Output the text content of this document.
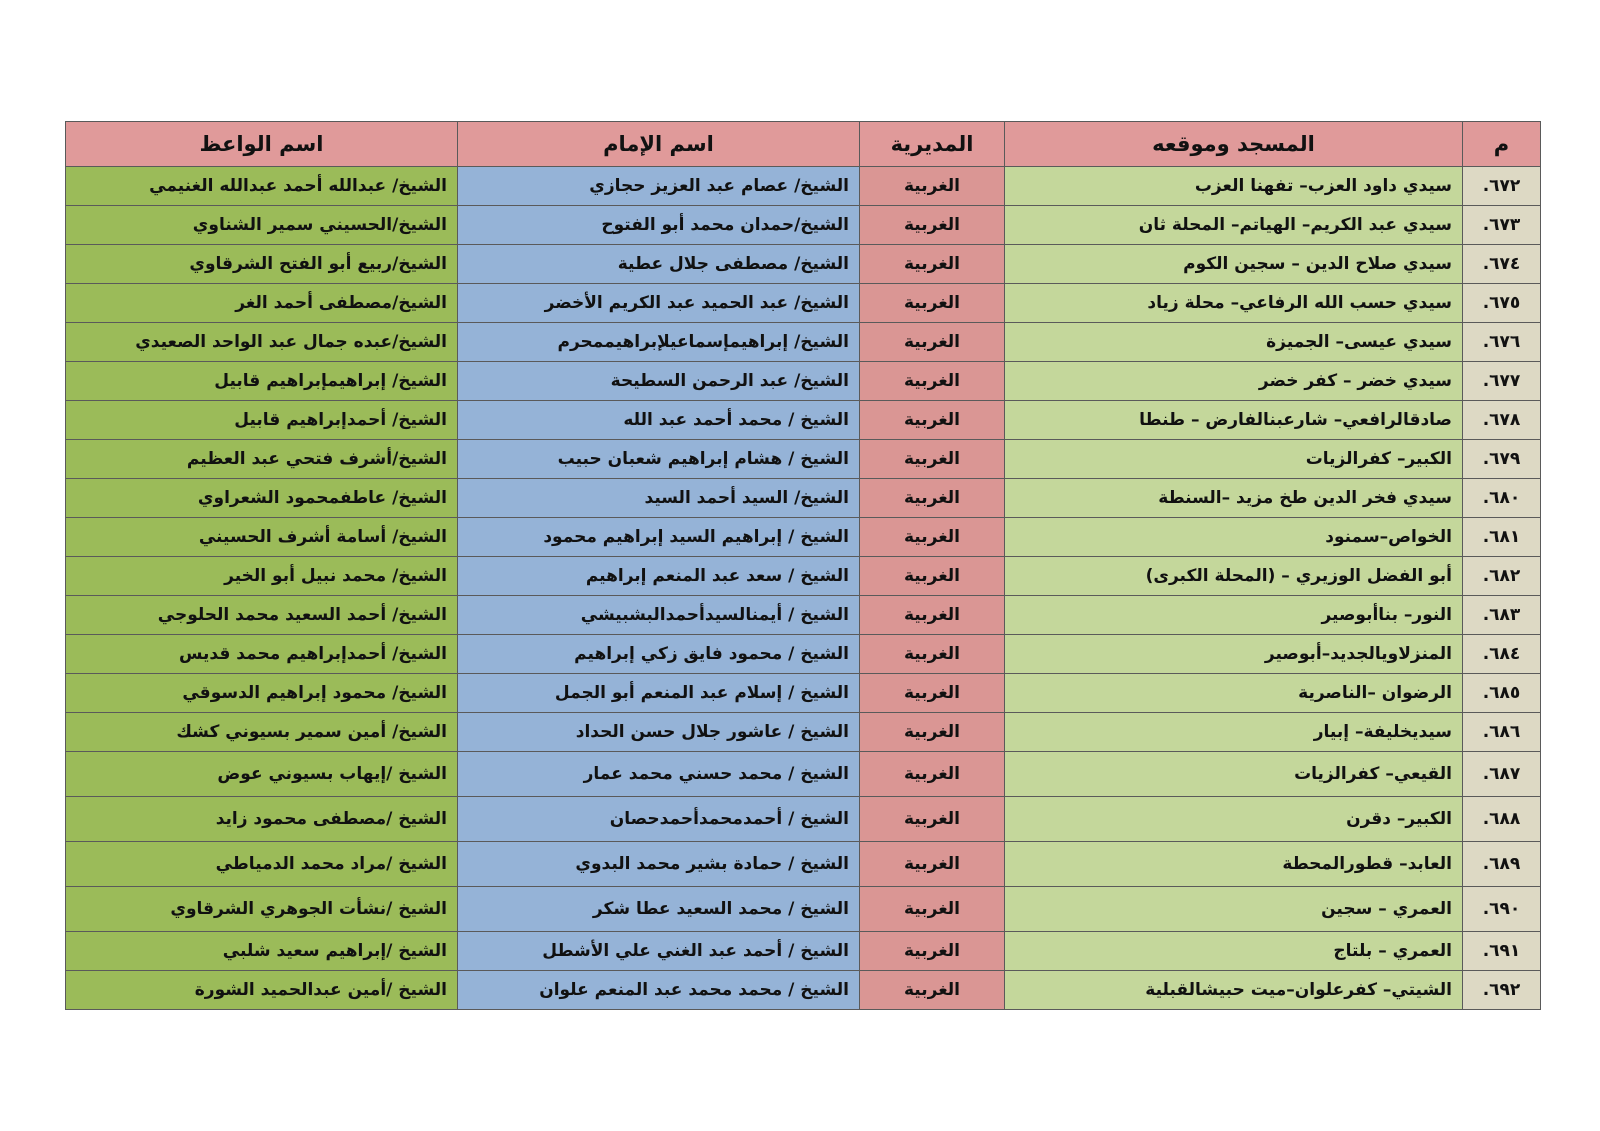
م	المسجد وموقعه	المديرية	اسم الإمام	اسم الواعظ
٦٧٢.	سيدي داود العزب– تفهنا العزب	الغربية	الشيخ/ عصام عبد العزيز حجازي	الشيخ/ عبدالله أحمد عبدالله الغنيمي
٦٧٣.	سيدي عبد الكريم– الهياتم– المحلة ثان	الغربية	الشيخ/حمدان محمد أبو الفتوح	الشيخ/الحسيني سمير الشناوي
٦٧٤.	سيدي صلاح الدين – سجين الكوم	الغربية	الشيخ/ مصطفى جلال عطية	الشيخ/ربيع أبو الفتح الشرقاوي
٦٧٥.	سيدي حسب الله الرفاعي– محلة زياد	الغربية	الشيخ/ عبد الحميد عبد الكريم الأخضر	الشيخ/مصطفى أحمد الغر
٦٧٦.	سيدي عيسى– الجميزة	الغربية	الشيخ/ إبراهيمإسماعيلإبراهيممحرم	الشيخ/عبده جمال عبد الواحد الصعيدي
٦٧٧.	سيدي خضر – كفر خضر	الغربية	الشيخ/ عبد الرحمن السطيحة	الشيخ/ إبراهيمإبراهيم قابيل
٦٧٨.	صادقالرافعي– شارعبنالفارض – طنطا	الغربية	الشيخ / محمد أحمد عبد الله	الشيخ/ أحمدإبراهيم قابيل
٦٧٩.	الكبير– كفرالزيات	الغربية	الشيخ / هشام إبراهيم شعبان حبيب	الشيخ/أشرف فتحي عبد العظيم
٦٨٠.	سيدي فخر الدين طخ مزيد –السنطة	الغربية	الشيخ/ السيد أحمد السيد	الشيخ/ عاطفمحمود الشعراوي
٦٨١.	الخواص–سمنود	الغربية	الشيخ / إبراهيم السيد إبراهيم محمود	الشيخ/ أسامة أشرف الحسيني
٦٨٢.	أبو الفضل الوزيري – (المحلة الكبرى)	الغربية	الشيخ / سعد عبد المنعم إبراهيم	الشيخ/ محمد نبيل أبو الخير
٦٨٣.	النور– بناأبوصير	الغربية	الشيخ / أيمنالسيدأحمدالبشبيشي	الشيخ/ أحمد السعيد محمد الحلوجي
٦٨٤.	المنزلاويالجديد–أبوصير	الغربية	الشيخ / محمود فايق زكي إبراهيم	الشيخ/ أحمدإبراهيم محمد قديس
٦٨٥.	الرضوان –الناصرية	الغربية	الشيخ / إسلام عبد المنعم أبو الجمل	الشيخ/ محمود إبراهيم الدسوقي
٦٨٦.	سيديخليفة– إبيار	الغربية	الشيخ / عاشور جلال حسن الحداد	الشيخ/ أمين سمير بسيوني كشك
٦٨٧.	القيعي– كفرالزيات	الغربية	الشيخ / محمد حسني محمد عمار	الشيخ /إيهاب بسيوني عوض
٦٨٨.	الكبير– دقرن	الغربية	الشيخ / أحمدمحمدأحمدحصان	الشيخ /مصطفى محمود زايد
٦٨٩.	العابد– قطورالمحطة	الغربية	الشيخ / حمادة بشير محمد البدوي	الشيخ /مراد محمد الدمياطي
٦٩٠.	العمري – سجين	الغربية	الشيخ / محمد السعيد عطا شكر	الشيخ /نشأت الجوهري الشرقاوي
٦٩١.	العمري – بلتاج	الغربية	الشيخ / أحمد عبد الغني علي الأشطل	الشيخ /إبراهيم سعيد شلبي
٦٩٢.	الشيتي– كفرعلوان–ميت حبيشالقبلية	الغربية	الشيخ / محمد محمد عبد المنعم علوان	الشيخ /أمين عبدالحميد الشورة
